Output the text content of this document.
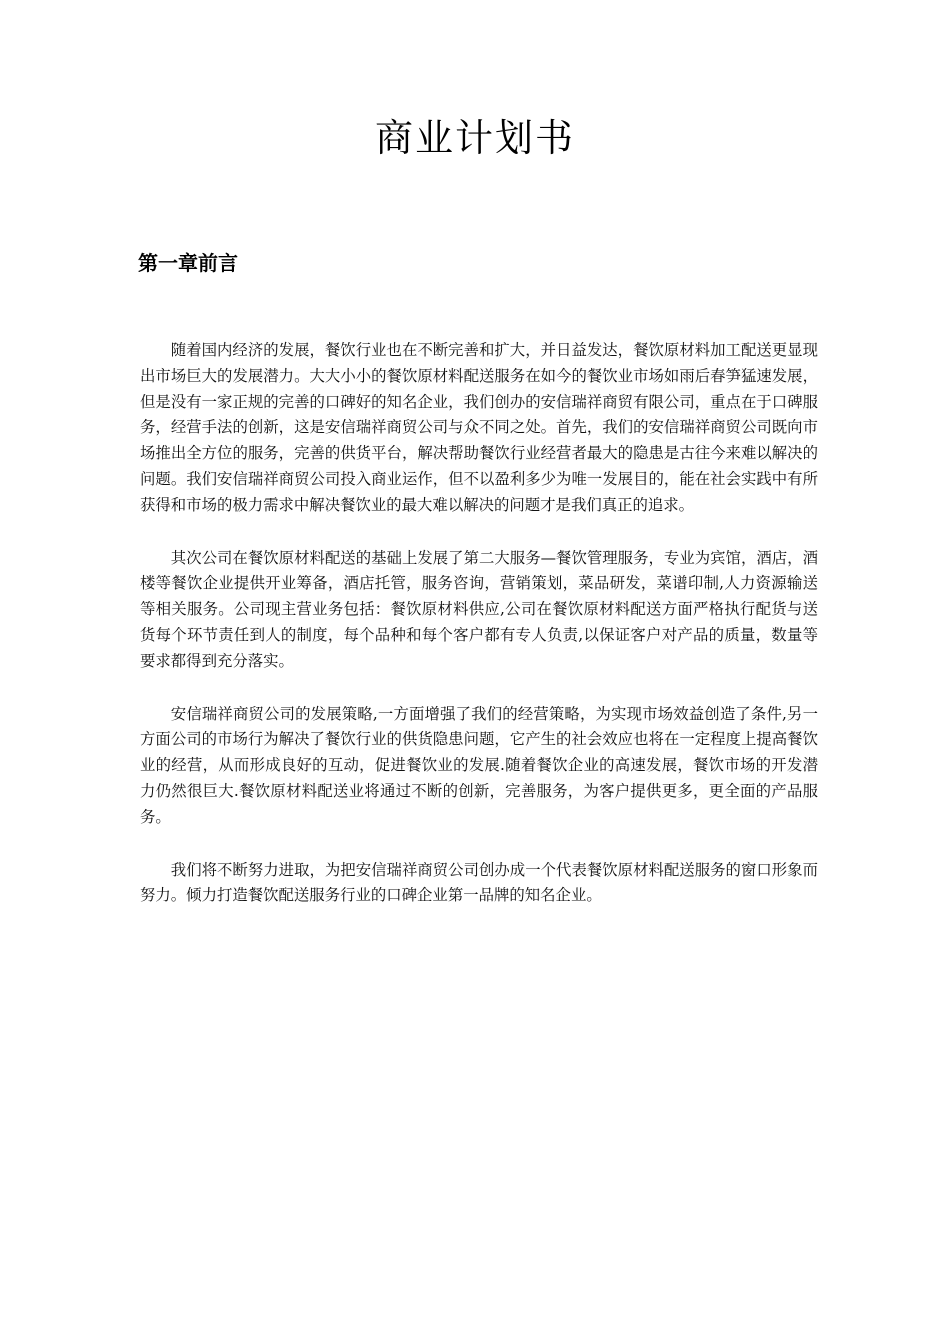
商业计划书
第一章前言

随着国内经济的发展，餐饮行业也在不断完善和扩大，并日益发达，餐饮原材料加工配送更显现出市场巨大的发展潜力。大大小小的餐饮原材料配送服务在如今的餐饮业市场如雨后春笋猛速发展，但是没有一家正规的完善的口碑好的知名企业，我们创办的安信瑞祥商贸有限公司，重点在于口碑服务，经营手法的创新，这是安信瑞祥商贸公司与众不同之处。首先，我们的安信瑞祥商贸公司既向市场推出全方位的服务，完善的供货平台，解决帮助餐饮行业经营者最大的隐患是古往今来难以解决的问题。我们安信瑞祥商贸公司投入商业运作，但不以盈利多少为唯一发展目的，能在社会实践中有所获得和市场的极力需求中解决餐饮业的最大难以解决的问题才是我们真正的追求。

其次公司在餐饮原材料配送的基础上发展了第二大服务—餐饮管理服务，专业为宾馆，酒店，酒楼等餐饮企业提供开业筹备，酒店托管，服务咨询，营销策划，菜品研发，菜谱印制,人力资源输送等相关服务。公司现主营业务包括：餐饮原材料供应,公司在餐饮原材料配送方面严格执行配货与送货每个环节责任到人的制度，每个品种和每个客户都有专人负责,以保证客户对产品的质量，数量等要求都得到充分落实。

安信瑞祥商贸公司的发展策略,一方面增强了我们的经营策略，为实现市场效益创造了条件,另一方面公司的市场行为解决了餐饮行业的供货隐患问题，它产生的社会效应也将在一定程度上提高餐饮业的经营，从而形成良好的互动，促进餐饮业的发展.随着餐饮企业的高速发展，餐饮市场的开发潜力仍然很巨大.餐饮原材料配送业将通过不断的创新，完善服务，为客户提供更多，更全面的产品服务。

我们将不断努力进取，为把安信瑞祥商贸公司创办成一个代表餐饮原材料配送服务的窗口形象而努力。倾力打造餐饮配送服务行业的口碑企业第一品牌的知名企业。
